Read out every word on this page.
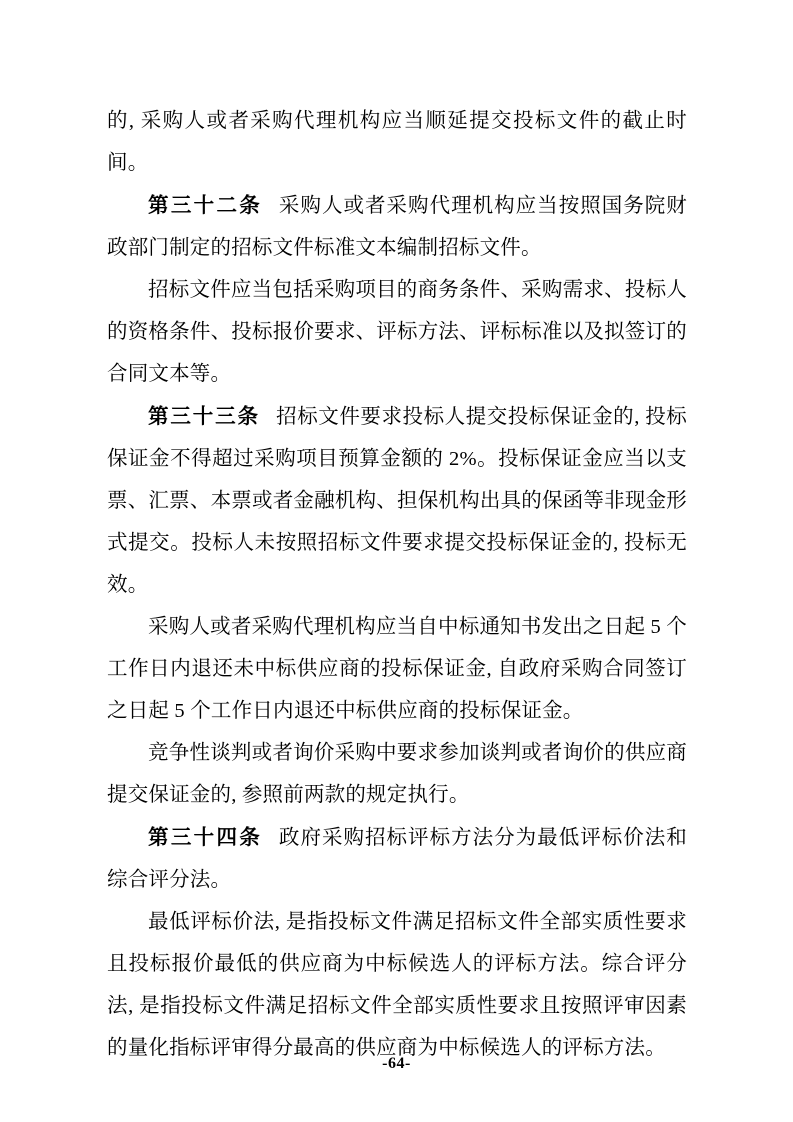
的, 采购人或者采购代理机构应当顺延提交投标文件的截止时间。

第三十二条 采购人或者采购代理机构应当按照国务院财政部门制定的招标文件标准文本编制招标文件。

招标文件应当包括采购项目的商务条件、采购需求、投标人的资格条件、投标报价要求、评标方法、评标标准以及拟签订的合同文本等。

第三十三条 招标文件要求投标人提交投标保证金的, 投标保证金不得超过采购项目预算金额的 2%。投标保证金应当以支票、汇票、本票或者金融机构、担保机构出具的保函等非现金形式提交。投标人未按照招标文件要求提交投标保证金的, 投标无效。

采购人或者采购代理机构应当自中标通知书发出之日起 5 个工作日内退还未中标供应商的投标保证金, 自政府采购合同签订之日起 5 个工作日内退还中标供应商的投标保证金。

竞争性谈判或者询价采购中要求参加谈判或者询价的供应商提交保证金的, 参照前两款的规定执行。

第三十四条 政府采购招标评标方法分为最低评标价法和综合评分法。

最低评标价法, 是指投标文件满足招标文件全部实质性要求且投标报价最低的供应商为中标候选人的评标方法。综合评分法, 是指投标文件满足招标文件全部实质性要求且按照评审因素的量化指标评审得分最高的供应商为中标候选人的评标方法。

-64-
